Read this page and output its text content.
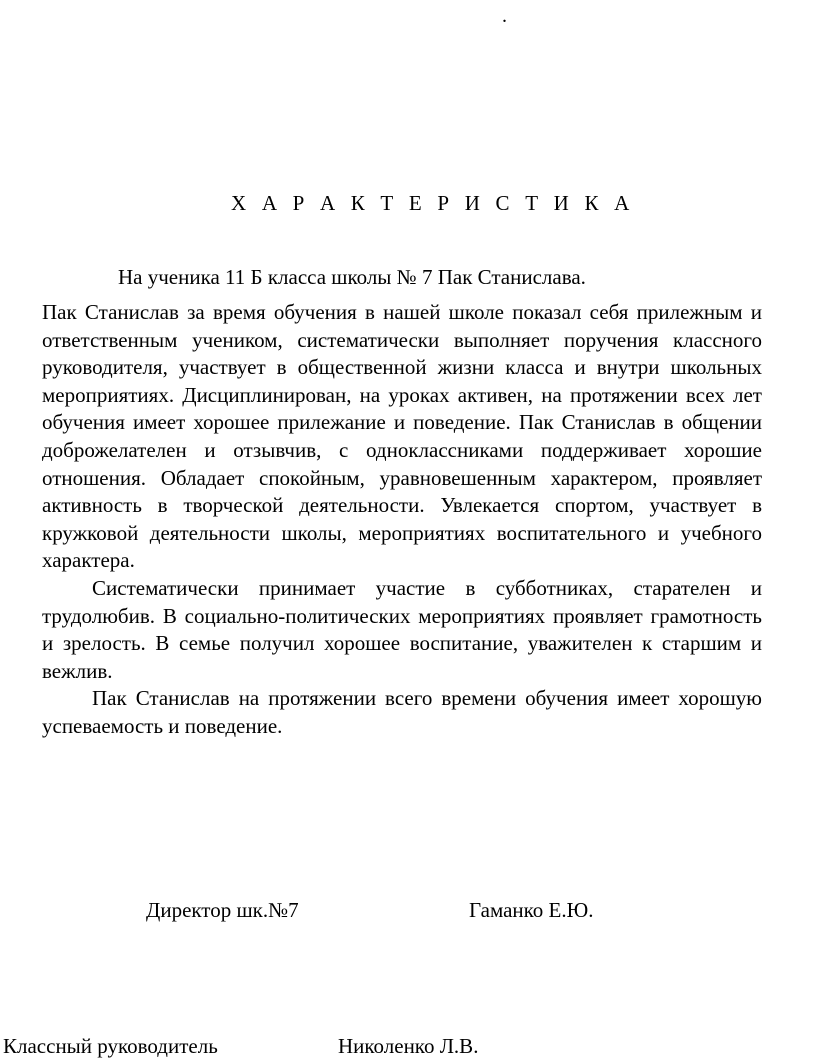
.
Х А Р А К Т Е Р И С Т И К А
На ученика 11 Б класса школы № 7 Пак Станислава.

Пак Станислав за время обучения в нашей школе показал себя прилежным и ответственным учеником, систематически выполняет поручения классного руководителя, участвует в общественной жизни класса и внутри школьных мероприятиях. Дисциплинирован, на уроках активен, на протяжении всех лет обучения имеет хорошее прилежание и поведение. Пак Станислав в общении доброжелателен и отзывчив, с одноклассниками поддерживает хорошие отношения. Обладает спокойным, уравновешенным характером, проявляет активность в творческой деятельности. Увлекается спортом, участвует в кружковой деятельности школы, мероприятиях воспитательного и учебного характера.

Систематически принимает участие в субботниках, старателен и трудолюбив. В социально-политических мероприятиях проявляет грамотность и зрелость. В семье получил хорошее воспитание, уважителен к старшим и вежлив.

Пак Станислав на протяжении всего времени обучения имеет хорошую успеваемость и поведение.

Директор шк.№7	Гаманко Е.Ю.
Классный руководитель	Николенко Л.В.
